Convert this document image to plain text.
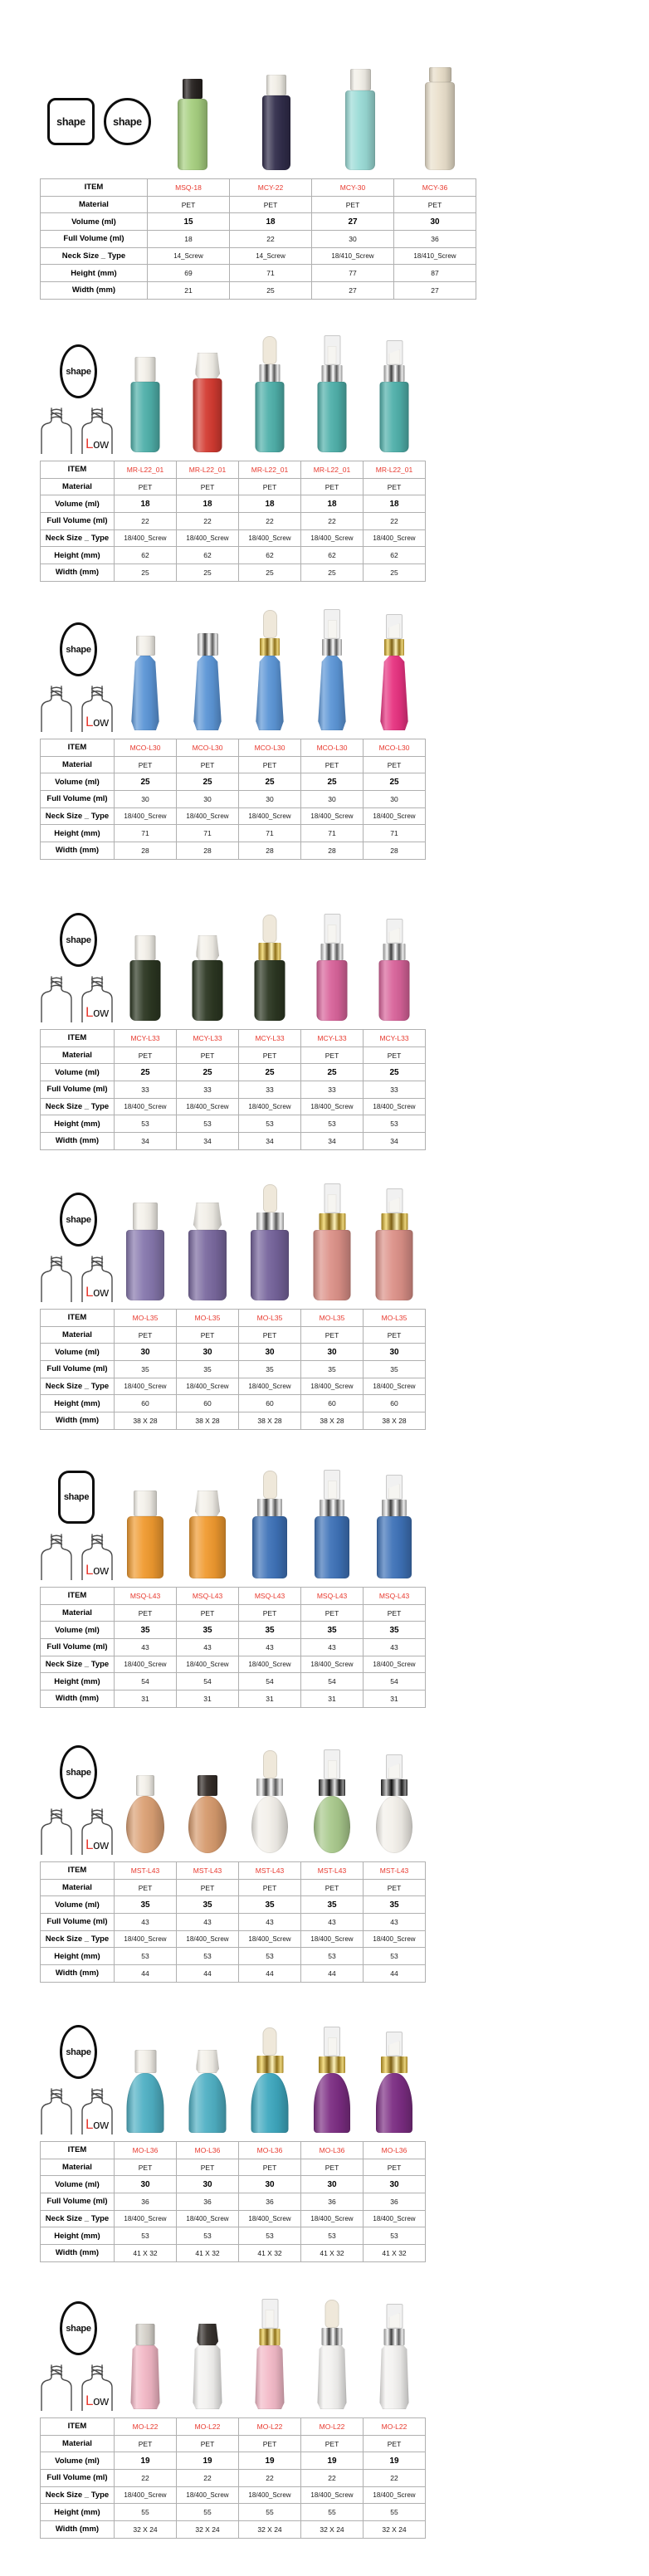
shape	shape
ITEM	MSQ-18	MCY-22	MCY-30	MCY-36
Material	PET	PET	PET	PET
Volume (ml)	15	18	27	30
Full Volume (ml)	18	22	30	36
Neck Size _ Type	14_Screw	14_Screw	18/410_Screw	18/410_Screw
Height (mm)	69	71	77	87
Width (mm)	21	25	27	27
shape
Low
ITEM	MR-L22_01	MR-L22_01	MR-L22_01	MR-L22_01	MR-L22_01
Material	PET	PET	PET	PET	PET
Volume (ml)	18	18	18	18	18
Full Volume (ml)	22	22	22	22	22
Neck Size _ Type	18/400_Screw	18/400_Screw	18/400_Screw	18/400_Screw	18/400_Screw
Height (mm)	62	62	62	62	62
Width (mm)	25	25	25	25	25
shape
Low
ITEM	MCO-L30	MCO-L30	MCO-L30	MCO-L30	MCO-L30
Material	PET	PET	PET	PET	PET
Volume (ml)	25	25	25	25	25
Full Volume (ml)	30	30	30	30	30
Neck Size _ Type	18/400_Screw	18/400_Screw	18/400_Screw	18/400_Screw	18/400_Screw
Height (mm)	71	71	71	71	71
Width (mm)	28	28	28	28	28
shape
Low
ITEM	MCY-L33	MCY-L33	MCY-L33	MCY-L33	MCY-L33
Material	PET	PET	PET	PET	PET
Volume (ml)	25	25	25	25	25
Full Volume (ml)	33	33	33	33	33
Neck Size _ Type	18/400_Screw	18/400_Screw	18/400_Screw	18/400_Screw	18/400_Screw
Height (mm)	53	53	53	53	53
Width (mm)	34	34	34	34	34
shape
Low
ITEM	MO-L35	MO-L35	MO-L35	MO-L35	MO-L35
Material	PET	PET	PET	PET	PET
Volume (ml)	30	30	30	30	30
Full Volume (ml)	35	35	35	35	35
Neck Size _ Type	18/400_Screw	18/400_Screw	18/400_Screw	18/400_Screw	18/400_Screw
Height (mm)	60	60	60	60	60
Width (mm)	38 X 28	38 X 28	38 X 28	38 X 28	38 X 28
shape
Low
ITEM	MSQ-L43	MSQ-L43	MSQ-L43	MSQ-L43	MSQ-L43
Material	PET	PET	PET	PET	PET
Volume (ml)	35	35	35	35	35
Full Volume (ml)	43	43	43	43	43
Neck Size _ Type	18/400_Screw	18/400_Screw	18/400_Screw	18/400_Screw	18/400_Screw
Height (mm)	54	54	54	54	54
Width (mm)	31	31	31	31	31
shape
Low
ITEM	MST-L43	MST-L43	MST-L43	MST-L43	MST-L43
Material	PET	PET	PET	PET	PET
Volume (ml)	35	35	35	35	35
Full Volume (ml)	43	43	43	43	43
Neck Size _ Type	18/400_Screw	18/400_Screw	18/400_Screw	18/400_Screw	18/400_Screw
Height (mm)	53	53	53	53	53
Width (mm)	44	44	44	44	44
shape
Low
ITEM	MO-L36	MO-L36	MO-L36	MO-L36	MO-L36
Material	PET	PET	PET	PET	PET
Volume (ml)	30	30	30	30	30
Full Volume (ml)	36	36	36	36	36
Neck Size _ Type	18/400_Screw	18/400_Screw	18/400_Screw	18/400_Screw	18/400_Screw
Height (mm)	53	53	53	53	53
Width (mm)	41 X 32	41 X 32	41 X 32	41 X 32	41 X 32
shape
Low
ITEM	MO-L22	MO-L22	MO-L22	MO-L22	MO-L22
Material	PET	PET	PET	PET	PET
Volume (ml)	19	19	19	19	19
Full Volume (ml)	22	22	22	22	22
Neck Size _ Type	18/400_Screw	18/400_Screw	18/400_Screw	18/400_Screw	18/400_Screw
Height (mm)	55	55	55	55	55
Width (mm)	32 X 24	32 X 24	32 X 24	32 X 24	32 X 24
